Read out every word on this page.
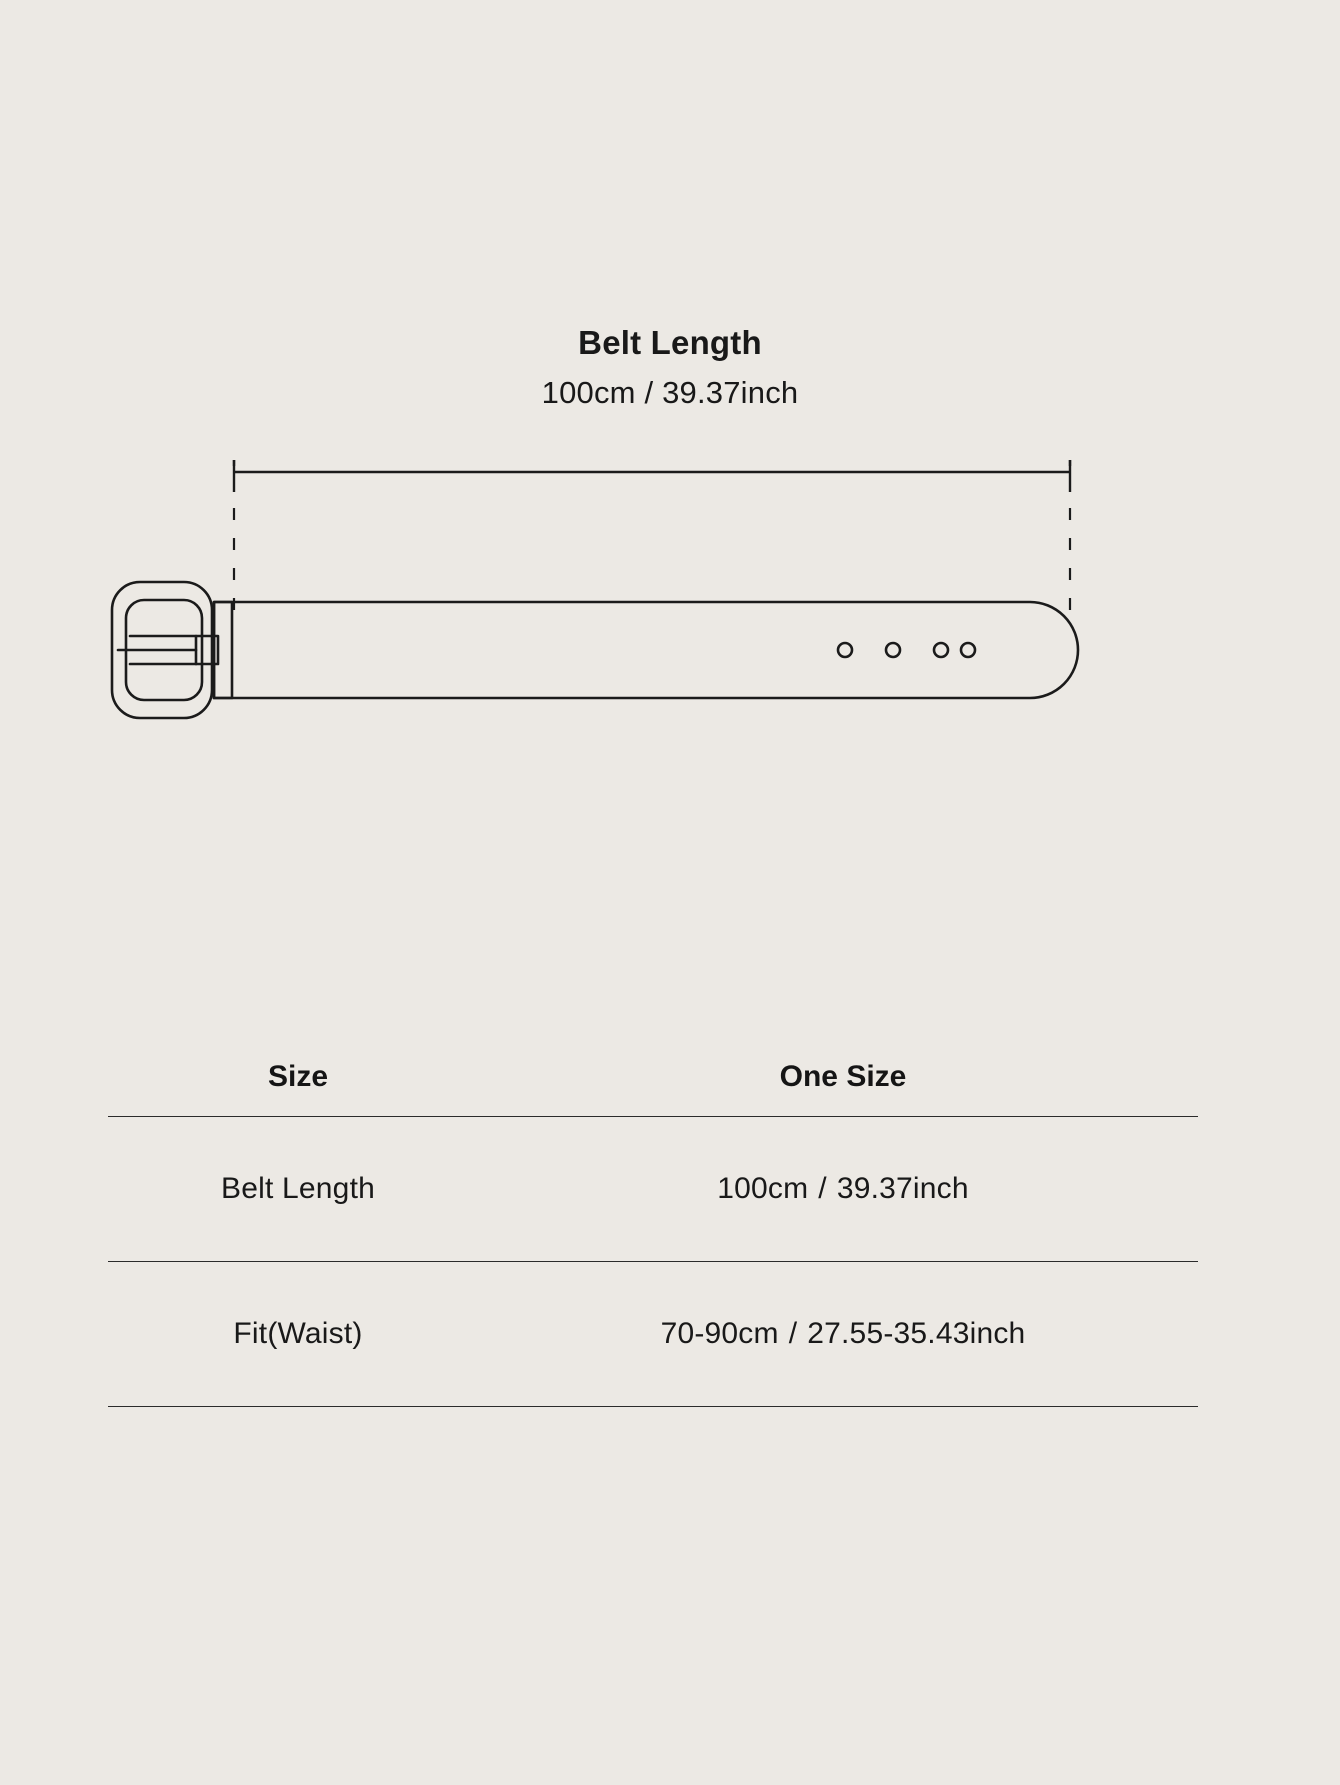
Belt Length
100cm / 39.37inch
Size	One Size
Belt Length	100cm / 39.37inch
Fit(Waist)	70-90cm / 27.55-35.43inch
